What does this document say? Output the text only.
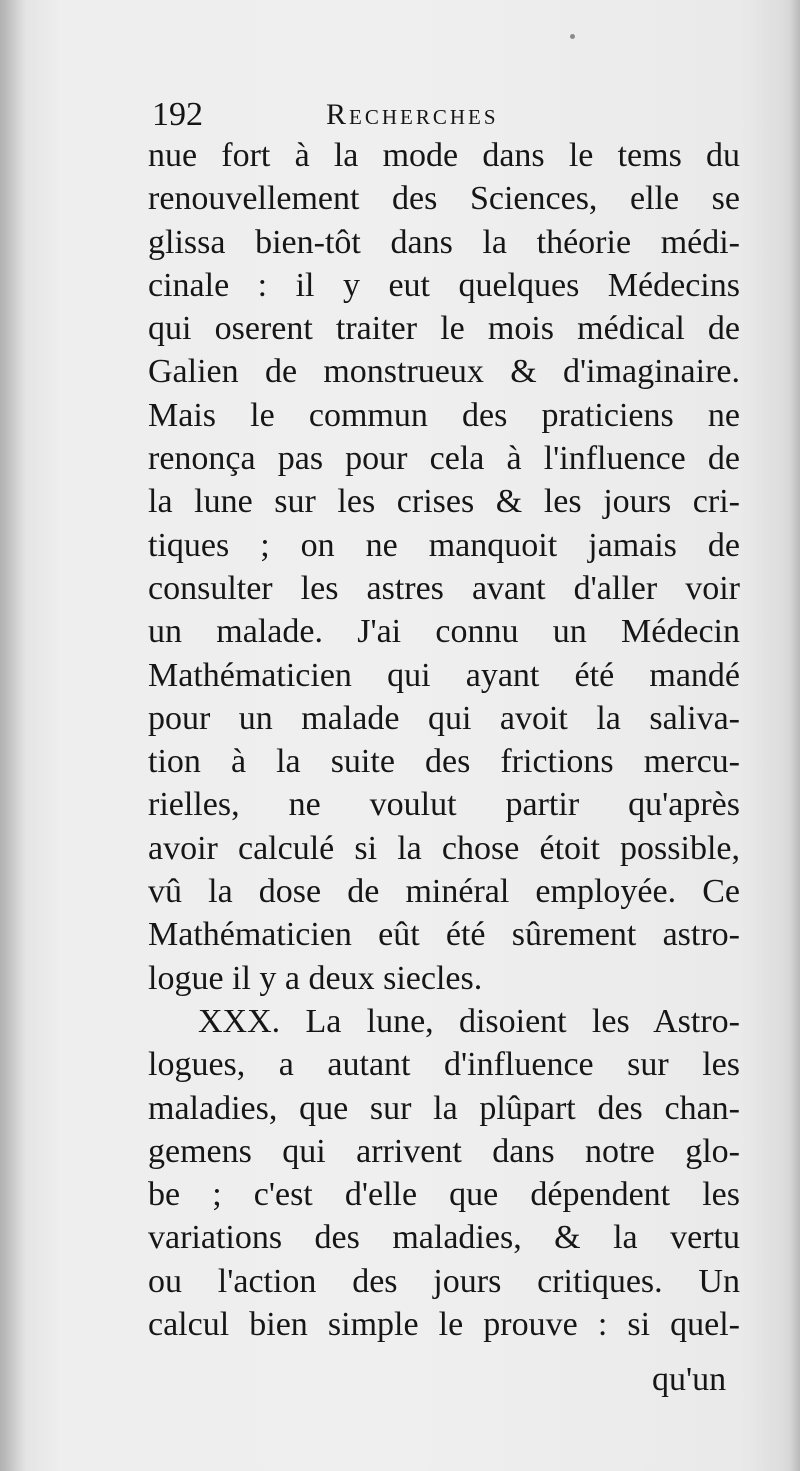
192	Recherches
nue fort à la mode dans le tems du
renouvellement des Sciences, elle se
glissa bien-tôt dans la théorie médi-
cinale : il y eut quelques Médecins
qui oserent traiter le mois médical de
Galien de monstrueux & d'imaginaire.
Mais le commun des praticiens ne
renonça pas pour cela à l'influence de
la lune sur les crises & les jours cri-
tiques ; on ne manquoit jamais de
consulter les astres avant d'aller voir
un malade. J'ai connu un Médecin
Mathématicien qui ayant été mandé
pour un malade qui avoit la saliva-
tion à la suite des frictions mercu-
rielles, ne voulut partir qu'après
avoir calculé si la chose étoit possible,
vû la dose de minéral employée. Ce
Mathématicien eût été sûrement astro-
logue il y a deux siecles.
XXX. La lune, disoient les Astro-
logues, a autant d'influence sur les
maladies, que sur la plûpart des chan-
gemens qui arrivent dans notre glo-
be ; c'est d'elle que dépendent les
variations des maladies, & la vertu
ou l'action des jours critiques. Un
calcul bien simple le prouve : si quel-
qu'un
